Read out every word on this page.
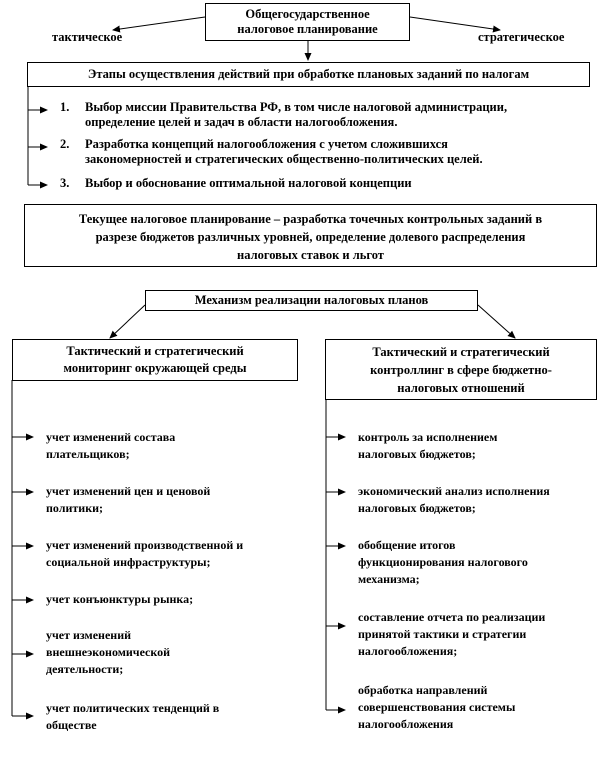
Общегосударственное
налоговое планирование
тактическое	стратегическое
Этапы осуществления действий при обработке плановых заданий по налогам
1. Выбор миссии Правительства РФ, в том числе налоговой администрации,
определение целей и задач в области налогообложения.
2. Разработка концепций налогообложения с учетом сложившихся
закономерностей и стратегических общественно-политических целей.
3. Выбор и обоснование оптимальной налоговой концепции
Текущее налоговое планирование – разработка точечных контрольных заданий в
разрезе бюджетов различных уровней, определение долевого распределения
налоговых ставок и льгот
Механизм реализации налоговых планов
Тактический и стратегический
мониторинг окружающей среды
Тактический и стратегический
контроллинг в сфере бюджетно-
налоговых отношений
учет изменений состава
плательщиков;
учет изменений цен и ценовой
политики;
учет изменений производственной и
социальной инфраструктуры;
учет конъюнктуры рынка;
учет изменений
внешнеэкономической
деятельности;
учет политических тенденций в
обществе
контроль за исполнением
налоговых бюджетов;
экономический анализ исполнения
налоговых бюджетов;
обобщение итогов
функционирования налогового
механизма;
составление отчета по реализации
принятой тактики и стратегии
налогообложения;
обработка направлений
совершенствования системы
налогообложения
